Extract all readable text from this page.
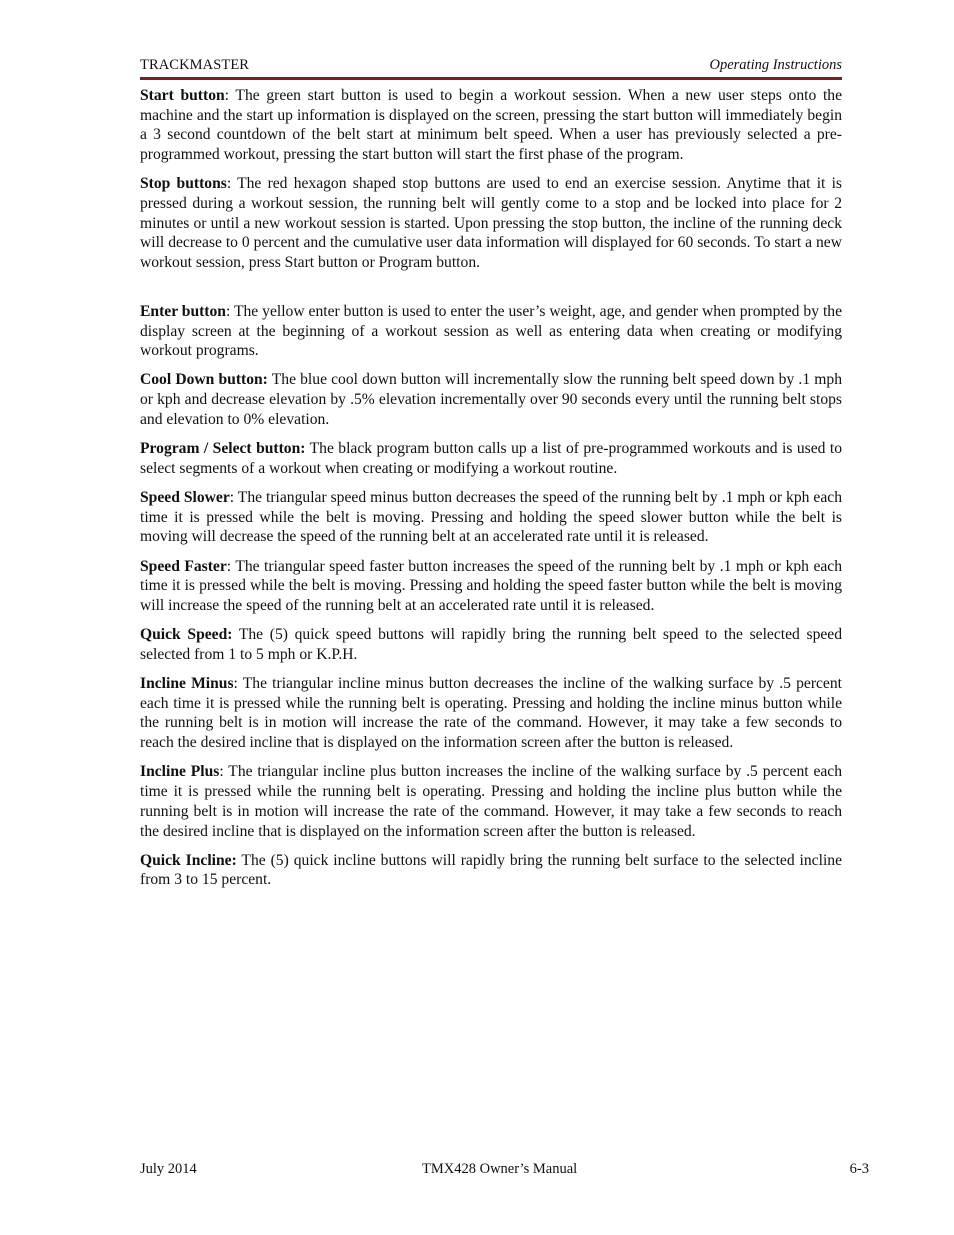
TRACKMASTER	Operating Instructions

Start button: The green start button is used to begin a workout session. When a new user steps onto the machine and the start up information is displayed on the screen, pressing the start button will immediately begin a 3 second countdown of the belt start at minimum belt speed. When a user has previously selected a pre-programmed workout, pressing the start button will start the first phase of the program.

Stop buttons: The red hexagon shaped stop buttons are used to end an exercise session. Anytime that it is pressed during a workout session, the running belt will gently come to a stop and be locked into place for 2 minutes or until a new workout session is started. Upon pressing the stop button, the incline of the running deck will decrease to 0 percent and the cumulative user data information will displayed for 60 seconds. To start a new workout session, press Start button or Program button.

Enter button: The yellow enter button is used to enter the user’s weight, age, and gender when prompted by the display screen at the beginning of a workout session as well as entering data when creating or modifying workout programs.

Cool Down button: The blue cool down button will incrementally slow the running belt speed down by .1 mph or kph and decrease elevation by .5% elevation incrementally over 90 seconds every until the running belt stops and elevation to 0% elevation.

Program / Select button: The black program button calls up a list of pre-programmed workouts and is used to select segments of a workout when creating or modifying a workout routine.

Speed Slower: The triangular speed minus button decreases the speed of the running belt by .1 mph or kph each time it is pressed while the belt is moving. Pressing and holding the speed slower button while the belt is moving will decrease the speed of the running belt at an accelerated rate until it is released.

Speed Faster: The triangular speed faster button increases the speed of the running belt by .1 mph or kph each time it is pressed while the belt is moving. Pressing and holding the speed faster button while the belt is moving will increase the speed of the running belt at an accelerated rate until it is released.

Quick Speed: The (5) quick speed buttons will rapidly bring the running belt speed to the selected speed selected from 1 to 5 mph or K.P.H.

Incline Minus: The triangular incline minus button decreases the incline of the walking surface by .5 percent each time it is pressed while the running belt is operating. Pressing and holding the incline minus button while the running belt is in motion will increase the rate of the command. However, it may take a few seconds to reach the desired incline that is displayed on the information screen after the button is released.

Incline Plus: The triangular incline plus button increases the incline of the walking surface by .5 percent each time it is pressed while the running belt is operating. Pressing and holding the incline plus button while the running belt is in motion will increase the rate of the command. However, it may take a few seconds to reach the desired incline that is displayed on the information screen after the button is released.

Quick Incline: The (5) quick incline buttons will rapidly bring the running belt surface to the selected incline from 3 to 15 percent.

July 2014	TMX428 Owner’s Manual	6-3
